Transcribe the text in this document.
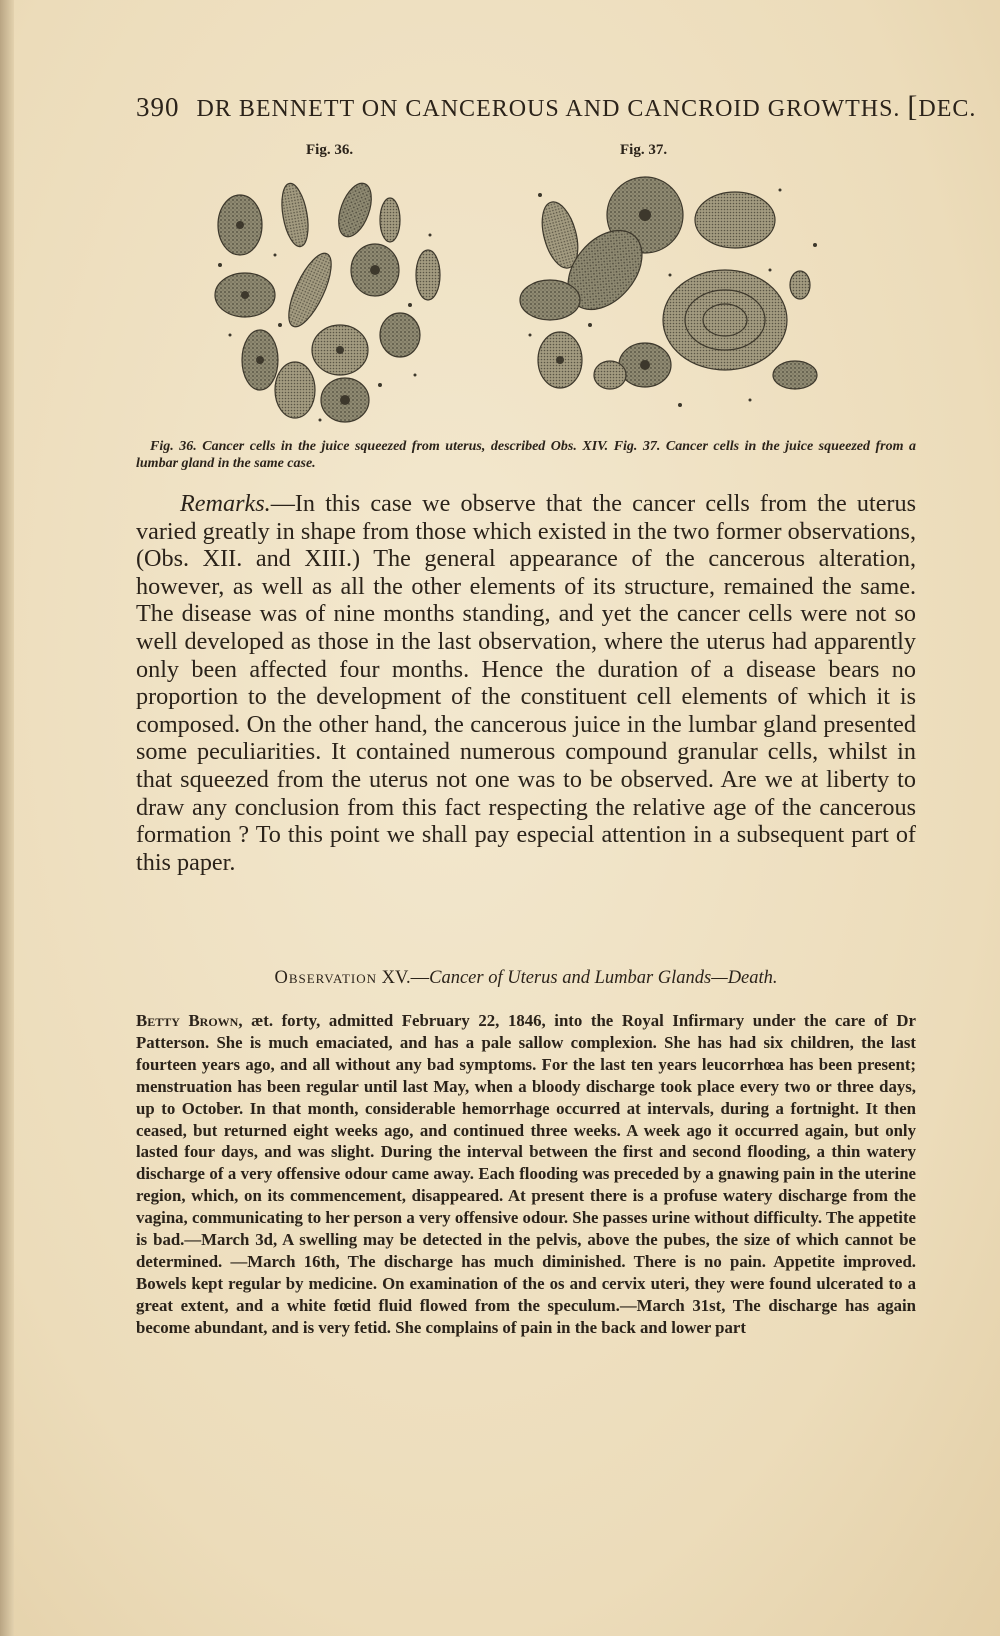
390 DR BENNETT ON CANCEROUS AND CANCROID GROWTHS. [DEC.
Fig. 36.	Fig. 37.
Fig. 36. Cancer cells in the juice squeezed from uterus, described Obs. XIV. Fig. 37. Cancer cells in the juice squeezed from a lumbar gland in the same case.
Remarks.—In this case we observe that the cancer cells from the uterus varied greatly in shape from those which existed in the two former observations, (Obs. XII. and XIII.) The general appearance of the cancerous alteration, however, as well as all the other elements of its structure, remained the same. The disease was of nine months standing, and yet the cancer cells were not so well developed as those in the last observation, where the uterus had apparently only been affected four months. Hence the duration of a disease bears no proportion to the development of the constituent cell elements of which it is composed. On the other hand, the cancerous juice in the lumbar gland presented some peculiarities. It contained numerous compound granular cells, whilst in that squeezed from the uterus not one was to be observed. Are we at liberty to draw any conclusion from this fact respecting the relative age of the cancerous formation ? To this point we shall pay especial attention in a subsequent part of this paper.
Observation XV.—Cancer of Uterus and Lumbar Glands—Death.
Betty Brown, æt. forty, admitted February 22, 1846, into the Royal Infirmary under the care of Dr Patterson. She is much emaciated, and has a pale sallow complexion. She has had six children, the last fourteen years ago, and all without any bad symptoms. For the last ten years leucorrhœa has been present; menstruation has been regular until last May, when a bloody discharge took place every two or three days, up to October. In that month, considerable hemorrhage occurred at intervals, during a fortnight. It then ceased, but returned eight weeks ago, and continued three weeks. A week ago it occurred again, but only lasted four days, and was slight. During the interval between the first and second flooding, a thin watery discharge of a very offensive odour came away. Each flooding was preceded by a gnawing pain in the uterine region, which, on its commencement, disappeared. At present there is a profuse watery discharge from the vagina, communicating to her person a very offensive odour. She passes urine without difficulty. The appetite is bad.—March 3d, A swelling may be detected in the pelvis, above the pubes, the size of which cannot be determined. —March 16th, The discharge has much diminished. There is no pain. Appetite improved. Bowels kept regular by medicine. On examination of the os and cervix uteri, they were found ulcerated to a great extent, and a white fœtid fluid flowed from the speculum.—March 31st, The discharge has again become abundant, and is very fetid. She complains of pain in the back and lower part
